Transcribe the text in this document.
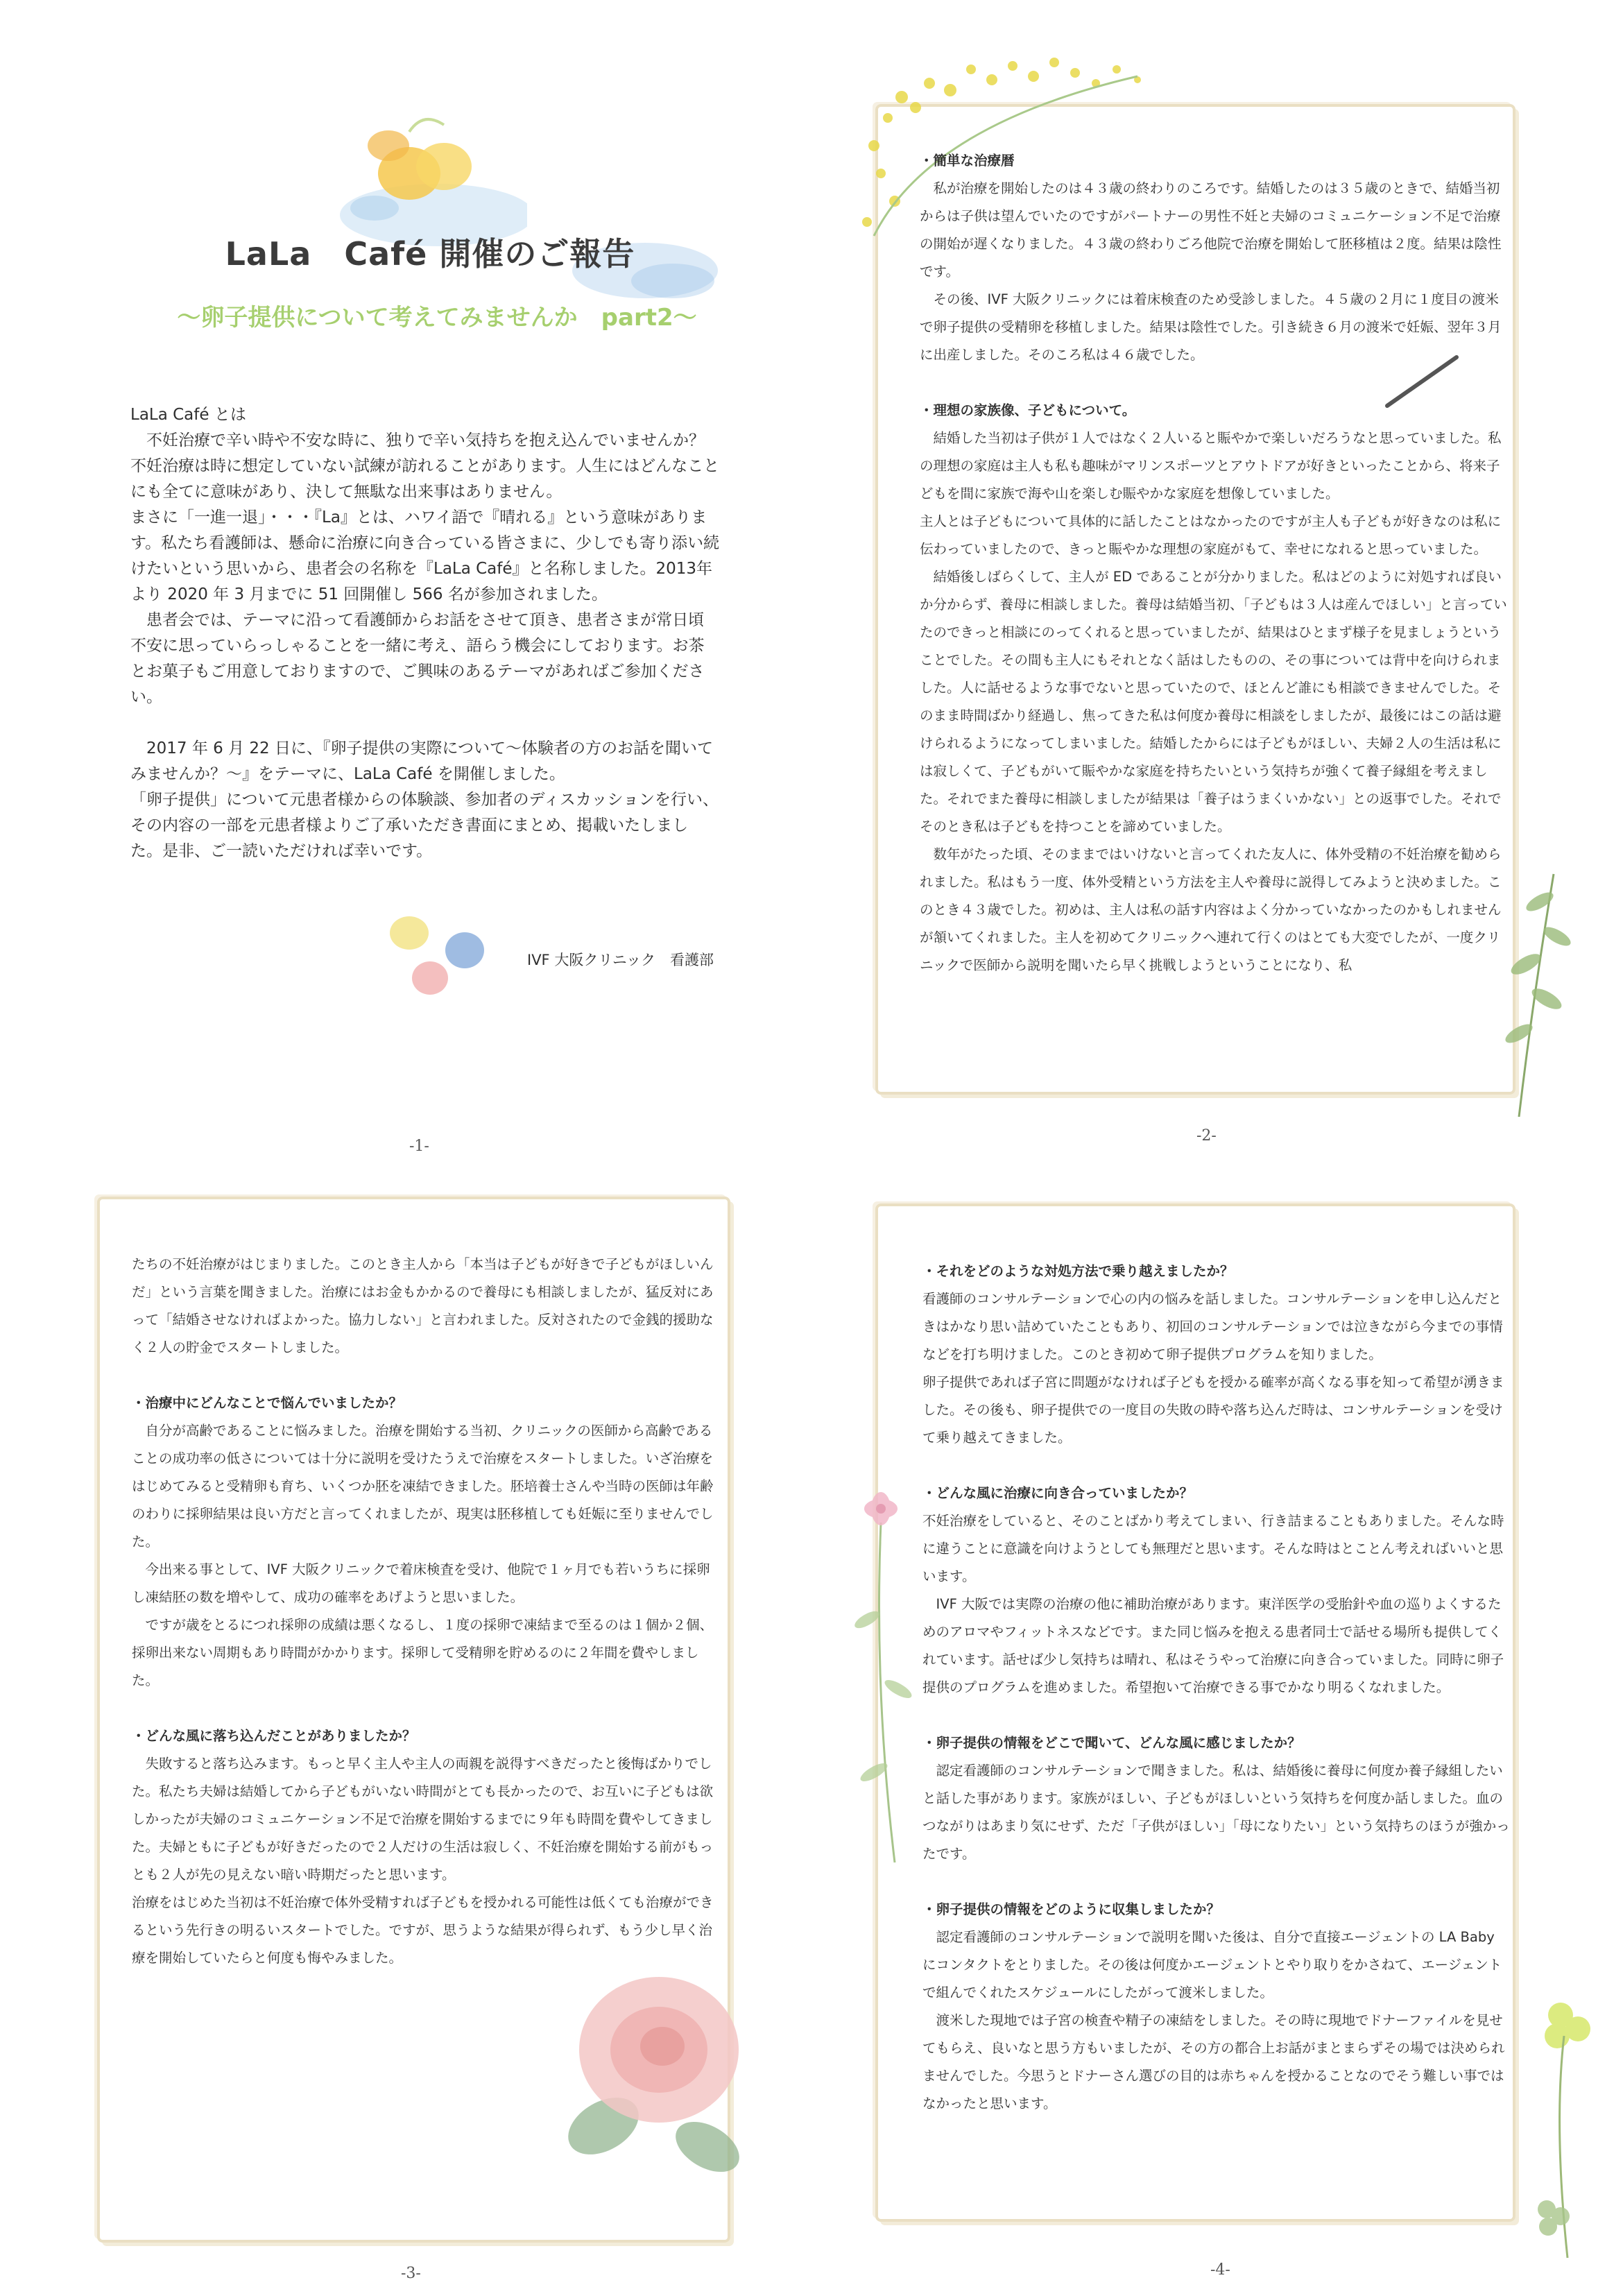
LaLa　Café 開催のご報告
～卵子提供について考えてみませんか　part2～

LaLa Café とは

　不妊治療で辛い時や不安な時に、独りで辛い気持ちを抱え込んでいませんか？不妊治療は時に想定していない試練が訪れることがあります。人生にはどんなことにも全てに意味があり、決して無駄な出来事はありません。

まさに「一進一退」・・・『La』とは、ハワイ語で『晴れる』という意味があります。私たち看護師は、懸命に治療に向き合っている皆さまに、少しでも寄り添い続けたいという思いから、患者会の名称を『LaLa Café』と名称しました。2013年より 2020 年 3 月までに 51 回開催し 566 名が参加されました。

　患者会では、テーマに沿って看護師からお話をさせて頂き、患者さまが常日頃不安に思っていらっしゃることを一緒に考え、語らう機会にしております。お茶とお菓子もご用意しておりますので、ご興味のあるテーマがあればご参加ください。

　2017 年 6 月 22 日に、『卵子提供の実際について～体験者の方のお話を聞いてみませんか？～』をテーマに、LaLa Café を開催しました。

「卵子提供」について元患者様からの体験談、参加者のディスカッションを行い、その内容の一部を元患者様よりご了承いただき書面にまとめ、掲載いたしました。是非、ご一読いただければ幸いです。

IVF 大阪クリニック　看護部
-1-

・簡単な治療暦

　私が治療を開始したのは４３歳の終わりのころです。結婚したのは３５歳のときで、結婚当初からは子供は望んでいたのですがパートナーの男性不妊と夫婦のコミュニケーション不足で治療の開始が遅くなりました。４３歳の終わりごろ他院で治療を開始して胚移植は２度。結果は陰性です。

　その後、IVF 大阪クリニックには着床検査のため受診しました。４５歳の２月に１度目の渡米で卵子提供の受精卵を移植しました。結果は陰性でした。引き続き６月の渡米で妊娠、翌年３月に出産しました。そのころ私は４６歳でした。

・理想の家族像、子どもについて。

　結婚した当初は子供が１人ではなく２人いると賑やかで楽しいだろうなと思っていました。私の理想の家庭は主人も私も趣味がマリンスポーツとアウトドアが好きといったことから、将来子どもを間に家族で海や山を楽しむ賑やかな家庭を想像していました。

主人とは子どもについて具体的に話したことはなかったのですが主人も子どもが好きなのは私に伝わっていましたので、きっと賑やかな理想の家庭がもて、幸せになれると思っていました。

　結婚後しばらくして、主人が ED であることが分かりました。私はどのように対処すれば良いか分からず、養母に相談しました。養母は結婚当初、「子どもは３人は産んでほしい」と言っていたのできっと相談にのってくれると思っていましたが、結果はひとまず様子を見ましょうということでした。その間も主人にもそれとなく話はしたものの、その事については背中を向けられました。人に話せるような事でないと思っていたので、ほとんど誰にも相談できませんでした。そのまま時間ばかり経過し、焦ってきた私は何度か養母に相談をしましたが、最後にはこの話は避けられるようになってしまいました。結婚したからには子どもがほしい、夫婦２人の生活は私には寂しくて、子どもがいて賑やかな家庭を持ちたいという気持ちが強くて養子縁組を考えました。それでまた養母に相談しましたが結果は「養子はうまくいかない」との返事でした。それでそのとき私は子どもを持つことを諦めていました。

　数年がたった頃、そのままではいけないと言ってくれた友人に、体外受精の不妊治療を勧められました。私はもう一度、体外受精という方法を主人や養母に説得してみようと決めました。このとき４３歳でした。初めは、主人は私の話す内容はよく分かっていなかったのかもしれませんが頷いてくれました。主人を初めてクリニックへ連れて行くのはとても大変でしたが、一度クリニックで医師から説明を聞いたら早く挑戦しようということになり、私

-2-

たちの不妊治療がはじまりました。このとき主人から「本当は子どもが好きで子どもがほしいんだ」という言葉を聞きました。治療にはお金もかかるので養母にも相談しましたが、猛反対にあって「結婚させなければよかった。協力しない」と言われました。反対されたので金銭的援助なく２人の貯金でスタートしました。

・治療中にどんなことで悩んでいましたか？

　自分が高齢であることに悩みました。治療を開始する当初、クリニックの医師から高齢であることの成功率の低さについては十分に説明を受けたうえで治療をスタートしました。いざ治療をはじめてみると受精卵も育ち、いくつか胚を凍結できました。胚培養士さんや当時の医師は年齢のわりに採卵結果は良い方だと言ってくれましたが、現実は胚移植しても妊娠に至りませんでした。

　今出来る事として、IVF 大阪クリニックで着床検査を受け、他院で１ヶ月でも若いうちに採卵し凍結胚の数を増やして、成功の確率をあげようと思いました。

　ですが歳をとるにつれ採卵の成績は悪くなるし、１度の採卵で凍結まで至るのは１個か２個、採卵出来ない周期もあり時間がかかります。採卵して受精卵を貯めるのに２年間を費やしました。

・どんな風に落ち込んだことがありましたか？

　失敗すると落ち込みます。もっと早く主人や主人の両親を説得すべきだったと後悔ばかりでした。私たち夫婦は結婚してから子どもがいない時間がとても長かったので、お互いに子どもは欲しかったが夫婦のコミュニケーション不足で治療を開始するまでに９年も時間を費やしてきました。夫婦ともに子どもが好きだったので２人だけの生活は寂しく、不妊治療を開始する前がもっとも２人が先の見えない暗い時期だったと思います。

治療をはじめた当初は不妊治療で体外受精すれば子どもを授かれる可能性は低くても治療ができるという先行きの明るいスタートでした。ですが、思うような結果が得られず、もう少し早く治療を開始していたらと何度も悔やみました。

-3-

・それをどのような対処方法で乗り越えましたか？

看護師のコンサルテーションで心の内の悩みを話しました。コンサルテーションを申し込んだときはかなり思い詰めていたこともあり、初回のコンサルテーションでは泣きながら今までの事情などを打ち明けました。このとき初めて卵子提供プログラムを知りました。

卵子提供であれば子宮に問題がなければ子どもを授かる確率が高くなる事を知って希望が湧きました。その後も、卵子提供での一度目の失敗の時や落ち込んだ時は、コンサルテーションを受けて乗り越えてきました。

・どんな風に治療に向き合っていましたか？

不妊治療をしていると、そのことばかり考えてしまい、行き詰まることもありました。そんな時に違うことに意識を向けようとしても無理だと思います。そんな時はとことん考えればいいと思います。

　IVF 大阪では実際の治療の他に補助治療があります。東洋医学の受胎針や血の巡りよくするためのアロマやフィットネスなどです。また同じ悩みを抱える患者同士で話せる場所も提供してくれています。話せば少し気持ちは晴れ、私はそうやって治療に向き合っていました。同時に卵子提供のプログラムを進めました。希望抱いて治療できる事でかなり明るくなれました。

・卵子提供の情報をどこで聞いて、どんな風に感じましたか？

　認定看護師のコンサルテーションで聞きました。私は、結婚後に養母に何度か養子縁組したいと話した事があります。家族がほしい、子どもがほしいという気持ちを何度か話しました。血のつながりはあまり気にせず、ただ「子供がほしい」「母になりたい」という気持ちのほうが強かったです。

・卵子提供の情報をどのように収集しましたか？

　認定看護師のコンサルテーションで説明を聞いた後は、自分で直接エージェントの LA Baby にコンタクトをとりました。その後は何度かエージェントとやり取りをかさねて、エージェントで組んでくれたスケジュールにしたがって渡米しました。

　渡米した現地では子宮の検査や精子の凍結をしました。その時に現地でドナーファイルを見せてもらえ、良いなと思う方もいましたが、その方の都合上お話がまとまらずその場では決められませんでした。今思うとドナーさん選びの目的は赤ちゃんを授かることなのでそう難しい事ではなかったと思います。

-4-
